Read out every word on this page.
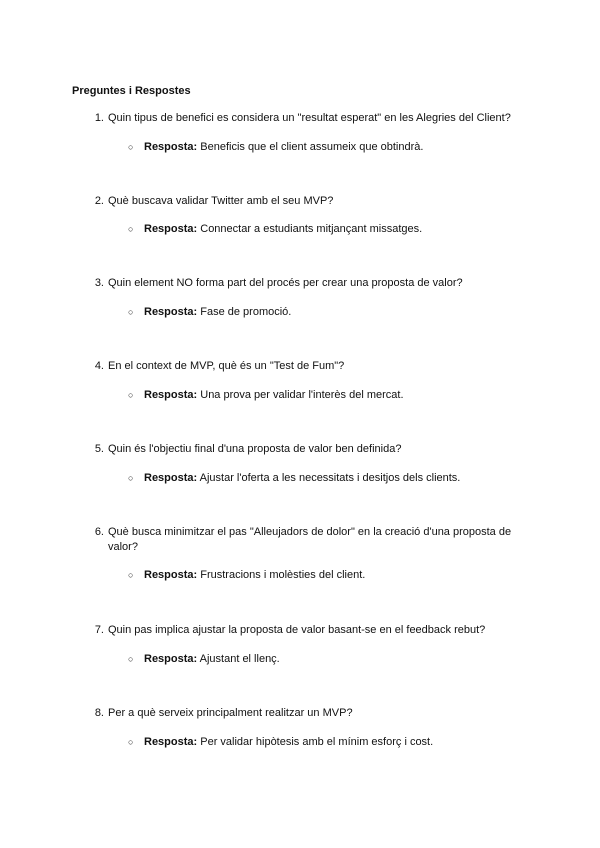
Preguntes i Respostes
1. Quin tipus de benefici es considera un "resultat esperat" en les Alegries del Client?
○ Resposta: Beneficis que el client assumeix que obtindrà.
2. Què buscava validar Twitter amb el seu MVP?
○ Resposta: Connectar a estudiants mitjançant missatges.
3. Quin element NO forma part del procés per crear una proposta de valor?
○ Resposta: Fase de promoció.
4. En el context de MVP, què és un "Test de Fum"?
○ Resposta: Una prova per validar l'interès del mercat.
5. Quin és l'objectiu final d'una proposta de valor ben definida?
○ Resposta: Ajustar l'oferta a les necessitats i desitjos dels clients.
6. Què busca minimitzar el pas "Alleujadors de dolor" en la creació d'una proposta de valor?
○ Resposta: Frustracions i molèsties del client.
7. Quin pas implica ajustar la proposta de valor basant-se en el feedback rebut?
○ Resposta: Ajustant el llenç.
8. Per a què serveix principalment realitzar un MVP?
○ Resposta: Per validar hipòtesis amb el mínim esforç i cost.
